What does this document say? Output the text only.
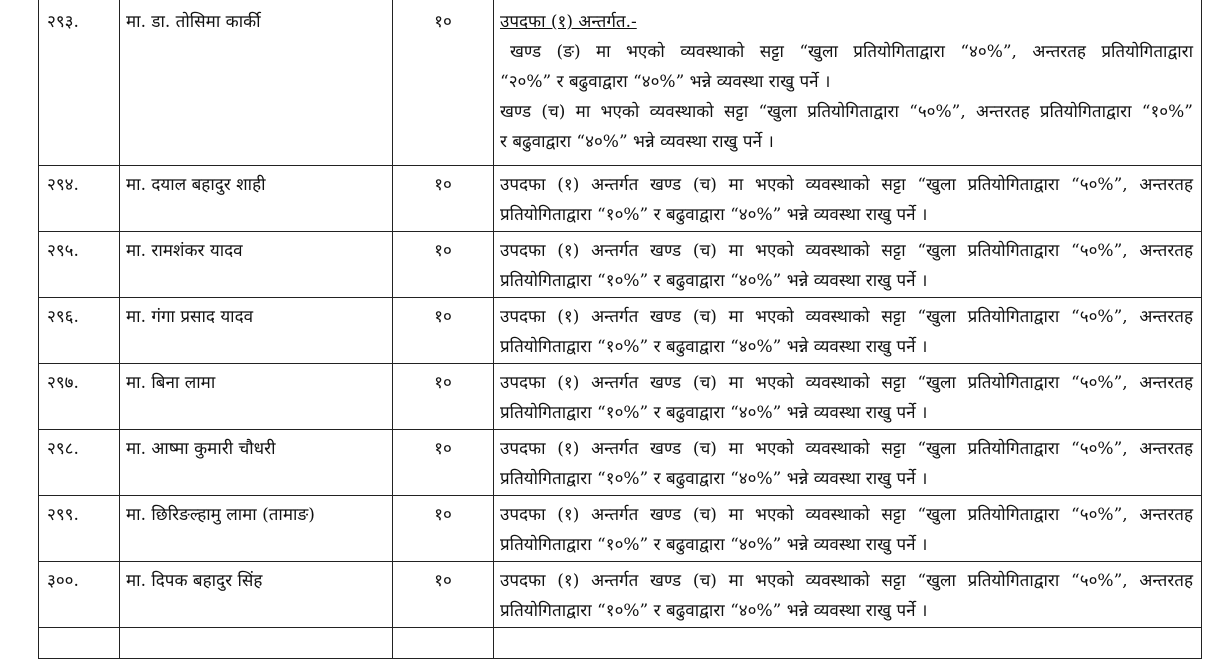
२९३.	मा. डा. तोसिमा कार्की	१०	उपदफा (१) अन्तर्गत.-
खण्ड (ङ) मा भएको व्यवस्थाको सट्टा “खुला प्रतियोगिताद्वारा “४०%”, अन्तरतह प्रतियोगिताद्वारा
“२०%” र बढुवाद्वारा “४०%” भन्ने व्यवस्था राखु पर्ने ।
खण्ड (च) मा भएको व्यवस्थाको सट्टा “खुला प्रतियोगिताद्वारा “५०%”, अन्तरतह प्रतियोगिताद्वारा “१०%”
र बढुवाद्वारा “४०%” भन्ने व्यवस्था राखु पर्ने ।

२९४.	मा. दयाल बहादुर शाही	१०	उपदफा (१) अन्तर्गत खण्ड (च) मा भएको व्यवस्थाको सट्टा “खुला प्रतियोगिताद्वारा “५०%”, अन्तरतह
प्रतियोगिताद्वारा “१०%” र बढुवाद्वारा “४०%” भन्ने व्यवस्था राखु पर्ने ।

२९५.	मा. रामशंकर यादव	१०	उपदफा (१) अन्तर्गत खण्ड (च) मा भएको व्यवस्थाको सट्टा “खुला प्रतियोगिताद्वारा “५०%”, अन्तरतह
प्रतियोगिताद्वारा “१०%” र बढुवाद्वारा “४०%” भन्ने व्यवस्था राखु पर्ने ।

२९६.	मा. गंगा प्रसाद यादव	१०	उपदफा (१) अन्तर्गत खण्ड (च) मा भएको व्यवस्थाको सट्टा “खुला प्रतियोगिताद्वारा “५०%”, अन्तरतह
प्रतियोगिताद्वारा “१०%” र बढुवाद्वारा “४०%” भन्ने व्यवस्था राखु पर्ने ।

२९७.	मा. बिना लामा	१०	उपदफा (१) अन्तर्गत खण्ड (च) मा भएको व्यवस्थाको सट्टा “खुला प्रतियोगिताद्वारा “५०%”, अन्तरतह
प्रतियोगिताद्वारा “१०%” र बढुवाद्वारा “४०%” भन्ने व्यवस्था राखु पर्ने ।

२९८.	मा. आष्मा कुमारी चौधरी	१०	उपदफा (१) अन्तर्गत खण्ड (च) मा भएको व्यवस्थाको सट्टा “खुला प्रतियोगिताद्वारा “५०%”, अन्तरतह
प्रतियोगिताद्वारा “१०%” र बढुवाद्वारा “४०%” भन्ने व्यवस्था राखु पर्ने ।

२९९.	मा. छिरिङल्हामु लामा (तामाङ)	१०	उपदफा (१) अन्तर्गत खण्ड (च) मा भएको व्यवस्थाको सट्टा “खुला प्रतियोगिताद्वारा “५०%”, अन्तरतह
प्रतियोगिताद्वारा “१०%” र बढुवाद्वारा “४०%” भन्ने व्यवस्था राखु पर्ने ।

३००.	मा. दिपक बहादुर सिंह	१०	उपदफा (१) अन्तर्गत खण्ड (च) मा भएको व्यवस्थाको सट्टा “खुला प्रतियोगिताद्वारा “५०%”, अन्तरतह
प्रतियोगिताद्वारा “१०%” र बढुवाद्वारा “४०%” भन्ने व्यवस्था राखु पर्ने ।
